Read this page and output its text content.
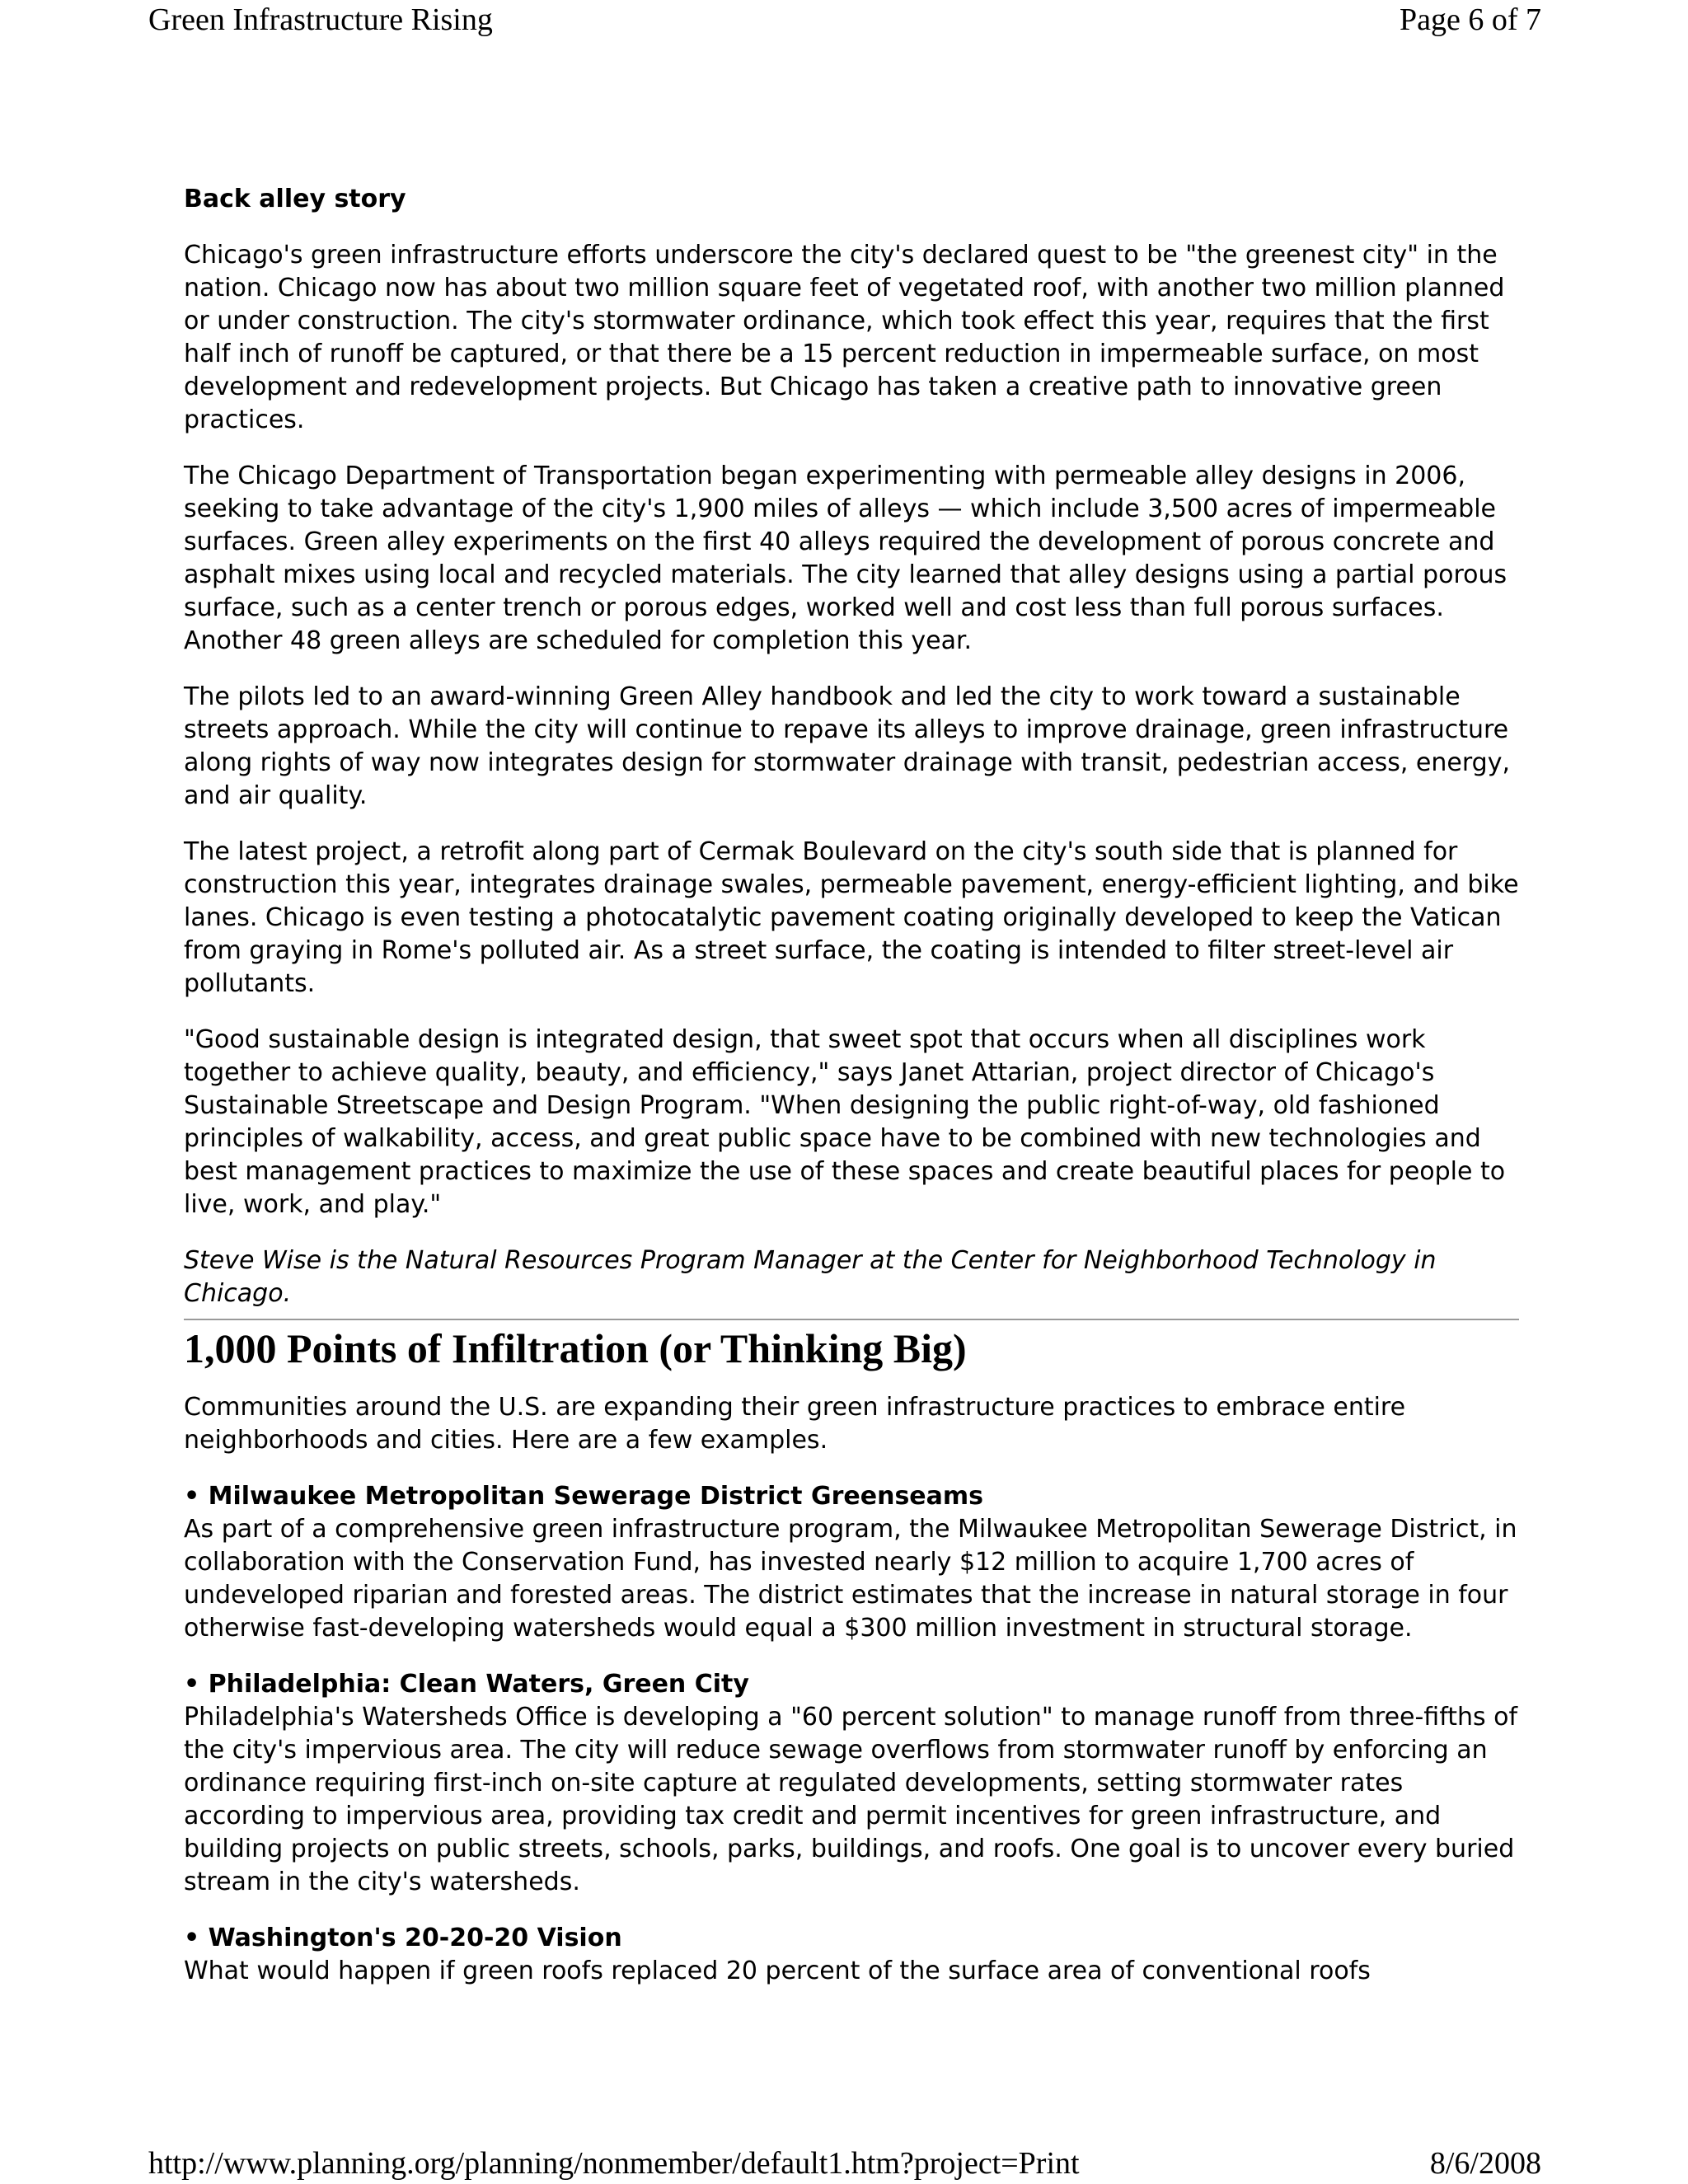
Green Infrastructure Rising	Page 6 of 7

Back alley story

Chicago's green infrastructure efforts underscore the city's declared quest to be "the greenest city" in the nation. Chicago now has about two million square feet of vegetated roof, with another two million planned or under construction. The city's stormwater ordinance, which took effect this year, requires that the first half inch of runoff be captured, or that there be a 15 percent reduction in impermeable surface, on most development and redevelopment projects. But Chicago has taken a creative path to innovative green practices.

The Chicago Department of Transportation began experimenting with permeable alley designs in 2006, seeking to take advantage of the city's 1,900 miles of alleys — which include 3,500 acres of impermeable surfaces. Green alley experiments on the first 40 alleys required the development of porous concrete and asphalt mixes using local and recycled materials. The city learned that alley designs using a partial porous surface, such as a center trench or porous edges, worked well and cost less than full porous surfaces. Another 48 green alleys are scheduled for completion this year.

The pilots led to an award-winning Green Alley handbook and led the city to work toward a sustainable streets approach. While the city will continue to repave its alleys to improve drainage, green infrastructure along rights of way now integrates design for stormwater drainage with transit, pedestrian access, energy, and air quality.

The latest project, a retrofit along part of Cermak Boulevard on the city's south side that is planned for construction this year, integrates drainage swales, permeable pavement, energy-efficient lighting, and bike lanes. Chicago is even testing a photocatalytic pavement coating originally developed to keep the Vatican from graying in Rome's polluted air. As a street surface, the coating is intended to filter street-level air pollutants.

"Good sustainable design is integrated design, that sweet spot that occurs when all disciplines work together to achieve quality, beauty, and efficiency," says Janet Attarian, project director of Chicago's Sustainable Streetscape and Design Program. "When designing the public right-of-way, old fashioned principles of walkability, access, and great public space have to be combined with new technologies and best management practices to maximize the use of these spaces and create beautiful places for people to live, work, and play."

Steve Wise is the Natural Resources Program Manager at the Center for Neighborhood Technology in Chicago.

1,000 Points of Infiltration (or Thinking Big)

Communities around the U.S. are expanding their green infrastructure practices to embrace entire neighborhoods and cities. Here are a few examples.

• Milwaukee Metropolitan Sewerage District Greenseams
As part of a comprehensive green infrastructure program, the Milwaukee Metropolitan Sewerage District, in collaboration with the Conservation Fund, has invested nearly $12 million to acquire 1,700 acres of undeveloped riparian and forested areas. The district estimates that the increase in natural storage in four otherwise fast-developing watersheds would equal a $300 million investment in structural storage.
• Philadelphia: Clean Waters, Green City
Philadelphia's Watersheds Office is developing a "60 percent solution" to manage runoff from three-fifths of the city's impervious area. The city will reduce sewage overflows from stormwater runoff by enforcing an ordinance requiring first-inch on-site capture at regulated developments, setting stormwater rates according to impervious area, providing tax credit and permit incentives for green infrastructure, and building projects on public streets, schools, parks, buildings, and roofs. One goal is to uncover every buried stream in the city's watersheds.
• Washington's 20-20-20 Vision
What would happen if green roofs replaced 20 percent of the surface area of conventional roofs
http://www.planning.org/planning/nonmember/default1.htm?project=Print	8/6/2008
